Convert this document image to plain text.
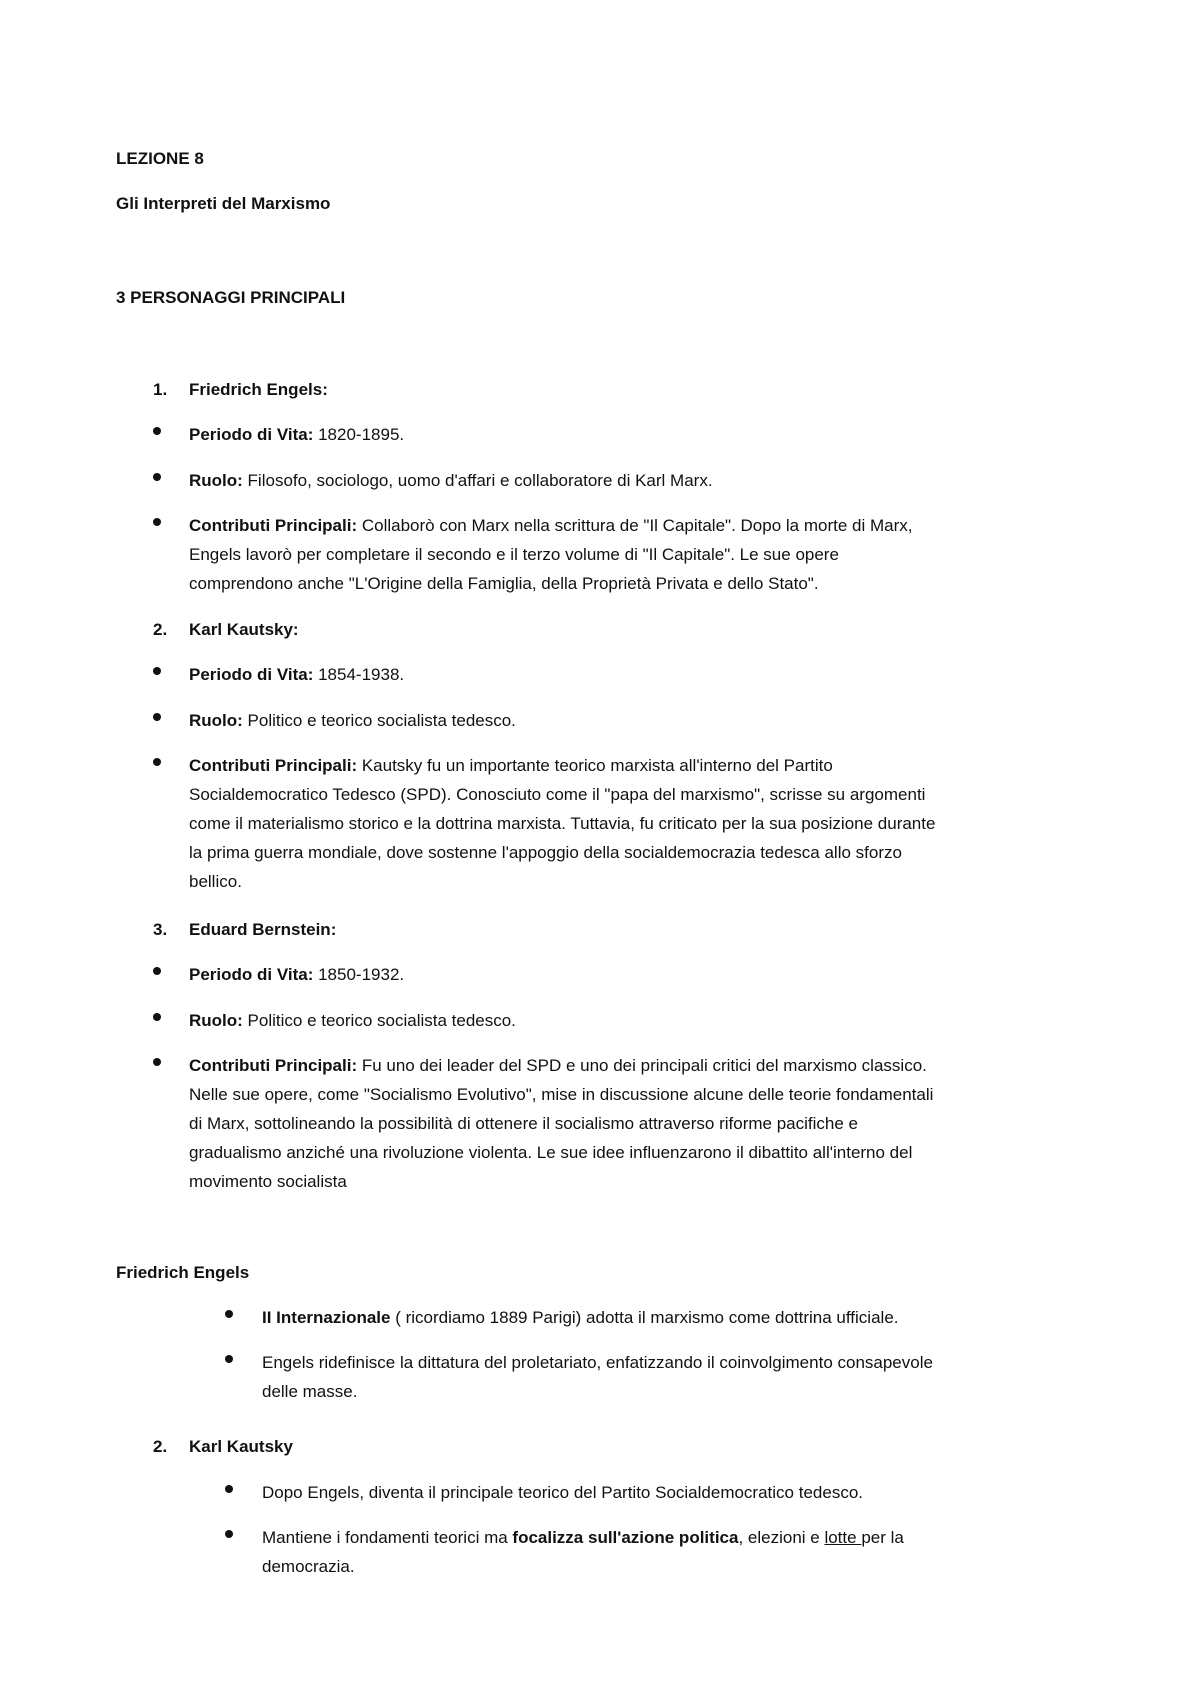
LEZIONE 8
Gli Interpreti del Marxismo
3 PERSONAGGI PRINCIPALI
1. Friedrich Engels:
Periodo di Vita: 1820-1895.
Ruolo: Filosofo, sociologo, uomo d'affari e collaboratore di Karl Marx.
Contributi Principali: Collaborò con Marx nella scrittura de "Il Capitale". Dopo la morte di Marx,
Engels lavorò per completare il secondo e il terzo volume di "Il Capitale". Le sue opere
comprendono anche "L'Origine della Famiglia, della Proprietà Privata e dello Stato".
2. Karl Kautsky:
Periodo di Vita: 1854-1938.
Ruolo: Politico e teorico socialista tedesco.
Contributi Principali: Kautsky fu un importante teorico marxista all'interno del Partito
Socialdemocratico Tedesco (SPD). Conosciuto come il "papa del marxismo", scrisse su argomenti
come il materialismo storico e la dottrina marxista. Tuttavia, fu criticato per la sua posizione durante
la prima guerra mondiale, dove sostenne l'appoggio della socialdemocrazia tedesca allo sforzo
bellico.
3. Eduard Bernstein:
Periodo di Vita: 1850-1932.
Ruolo: Politico e teorico socialista tedesco.
Contributi Principali: Fu uno dei leader del SPD e uno dei principali critici del marxismo classico.
Nelle sue opere, come "Socialismo Evolutivo", mise in discussione alcune delle teorie fondamentali
di Marx, sottolineando la possibilità di ottenere il socialismo attraverso riforme pacifiche e
gradualismo anziché una rivoluzione violenta. Le sue idee influenzarono il dibattito all'interno del
movimento socialista
Friedrich Engels
II Internazionale ( ricordiamo 1889 Parigi) adotta il marxismo come dottrina ufficiale.
Engels ridefinisce la dittatura del proletariato, enfatizzando il coinvolgimento consapevole
delle masse.
2. Karl Kautsky
Dopo Engels, diventa il principale teorico del Partito Socialdemocratico tedesco.
Mantiene i fondamenti teorici ma focalizza sull'azione politica, elezioni e lotte per la
democrazia.
